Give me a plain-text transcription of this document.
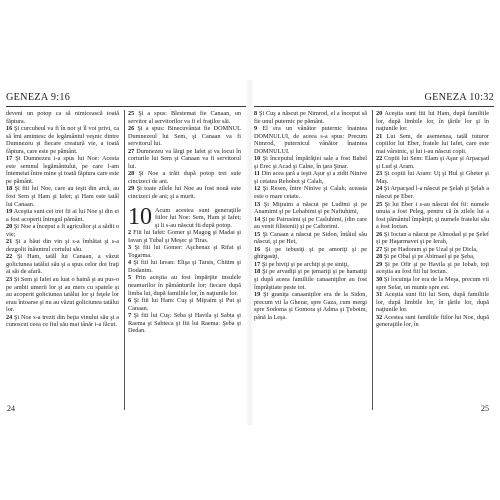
GENEZA 9:16

deveni un potop ca să nimicească toată făptura.

16 Şi curcubeul va fi în nor şi îl voi privi, ca să îmi amintesc de legământul veşnic dintre Dumnezeu şi fiecare creatură vie, a toată făptura, care este pe pământ.

17 Şi Dumnezeu i-a spus lui Noe: Acesta este semnul legământului, pe care l-am întemeiat între mine şi toată făptura care este pe pământ.

18 Şi fiii lui Noe, care au ieşit din arcă, au fost Sem şi Ham şi Iafet; şi Ham este tatăl lui Canaan.

19 Aceştia sunt cei trei fii ai lui Noe şi din ei a fost acoperit întregul pământ.

20 Şi Noe a început a fi agricultor şi a sădit o vie;

21 Şi a băut din vin şi s-a îmbătat şi s-a dezgolit înăuntrul cortului său.

22 Şi Ham, tatăl lui Canaan, a văzut goliciunea tatălui său şi a spus celor doi fraţi ai săi de afară.

23 Şi Sem şi Iafet au luat o haină şi au pus-o pe ambii umerii lor şi au mers cu spatele şi au acoperit goliciunea tatălui lor şi feţele lor erau întoarse şi nu au văzut goliciunea tatălui lor.

24 Şi Noe s-a trezit din beţia vinului său şi a cunoscut ceea ce fiul său mai tânăr i-a făcut.

25 Şi a spus: Blestemat fie Canaan, un servitor al servitorilor va fi el fraţilor săi.

26 Şi a spus: Binecuvântat fie DOMNUL Dumnezeul lui Sem, şi Canaan va fi servitorul lui.

27 Dumnezeu va lărgi pe Iafet şi va locui în corturile lui Sem şi Canaan va fi servitorul lui.

28 Şi Noe a trăit după potop trei sute cincizeci de ani.

29 Şi toate zilele lui Noe au fost nouă sute cincizeci de ani; şi a murit.

10 Acum acestea sunt generaţiile fiilor lui Noe: Sem, Ham şi Iafet; şi li s-au născut fii după potop.

2 Fiii lui Iafet: Gomer şi Magog şi Madai şi Iavan şi Tubal şi Meşec şi Tiras.

3 Şi fiii lui Gomer: Aşchenaz şi Rifat şi Togarma.

4 Şi fiii lui Iavan: Elişa şi Tarsis, Chitim şi Dodanim.

5 Prin aceştia au fost împărţite insulele neamurilor în pământurile lor; fiecare după limba lui, după familiile lor, în naţiunile lor.

6 Şi fiii lui Ham: Cuş şi Miţraim şi Put şi Canaan.

7 Şi fiii lui Cuş: Seba şi Havila şi Sabta şi Raema şi Sabteca şi fiii lui Raema: Şeba şi Dedan.

GENEZA 10:32

8 Şi Cuş a născut pe Nimrod, el a început să fie unul puternic pe pământ.

9 El era un vânător puternic înaintea DOMNULUI, de aceea s-a spus: Precum Nimrod, puternicul vânător înaintea DOMNULUI.

10 Şi începutul împărăţiei sale a fost Babel şi Erec şi Acad şi Calne, în ţara Şinar.

11 Din acea ţară a ieşit Aşur şi a zidit Ninive şi cetatea Rehobot şi Calah,

12 Şi Resen, între Ninive şi Calah; aceasta este o mare cetate.

13 Şi Miţraim a născut pe Ludimi şi pe Anamimi şi pe Lehabimi şi pe Naftuhimi,

14 Şi pe Patrusimi şi pe Casluhimi, (din care au venit filistenii) şi pe Caftorimi.

15 Şi Canaan a născut pe Sidon, întâiul său născut, şi pe Het,

16 Şi pe iebusiţi şi pe amoriţi şi pe ghirgasiţi,

17 Şi pe hiviţi şi pe archiţi şi pe siniţi,

18 Şi pe arvadiţi şi pe ţemariţi şi pe hamatiţi şi după aceea familiile canaaniţilor au fost împrăştiate peste tot.

19 Şi graniţa canaaniţilor era de la Sidon, precum vii la Gherar, spre Gaza, cum mergi spre Sodoma şi Gomora şi Adma şi Ţeboim, până la Leşa.

20 Aceştia sunt fiii lui Ham, după familiile lor, după limbile lor, în ţările lor şi în naţiunile lor.

21 Lui Sem, de asemenea, tatăl tuturor copiilor lui Eber, fratele lui Iafet, care este mai vârstnic, şi lui i-au născut copii.

22 Copiii lui Sem: Elam şi Aşur şi Arpacşad şi Lud şi Aram.

23 Şi copiii lui Aram: Uţ şi Hul şi Gheter şi Maş.

24 Şi Arpacşad l-a născut pe Şelah şi Şelah a născut pe Eber.

25 Şi lui Eber i s-au născut doi fii: numele unuia a fost Peleg, pentru că în zilele lui a fost pământul împărţit; şi numele fratelui său a fost Ioctan.

26 Şi Ioctan a născut pe Almodad şi pe Şelef şi pe Haţarmavet şi pe Ierah,

27 Şi pe Hadoram şi pe Uzal şi pe Dicla,

28 Şi pe Obal şi pe Abimael şi pe Şeba,

29 Şi pe Ofir şi pe Havila şi pe Iobab, toţi aceştia au fost fiii lui Ioctan.

30 Şi locuinţa lor era de la Meşa, precum vii spre Sefar, un munte spre est.

31 Aceştia sunt fiii lui Sem, după familiile lor, după limbile lor, în ţările lor, după naţiunile lor.

32 Acestea sunt familiile fiilor lui Noe, după generaţiile lor, în

24	25
